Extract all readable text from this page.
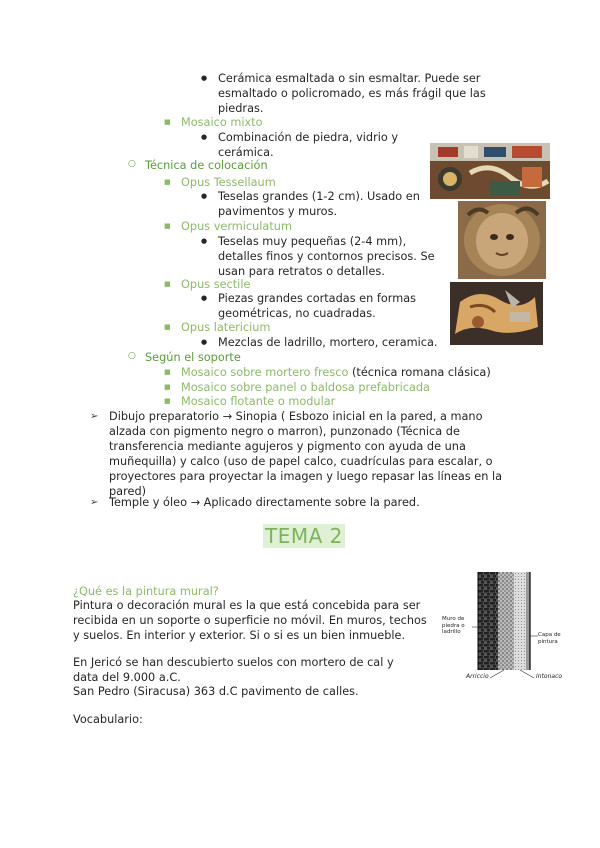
● Cerámica esmaltada o sin esmaltar. Puede ser esmaltado o policromado, es más frágil que las piedras.
■ Mosaico mixto
● Combinación de piedra, vidrio y cerámica.
○ Técnica de colocación
■ Opus Tessellaum
● Teselas grandes (1-2 cm). Usado en pavimentos y muros.
■ Opus vermiculatum
● Teselas muy pequeñas (2-4 mm), detalles finos y contornos precisos. Se usan para retratos o detalles.
■ Opus sectile
● Piezas grandes cortadas en formas geométricas, no cuadradas.
■ Opus latericium
● Mezclas de ladrillo, mortero, ceramica.
○ Según el soporte
■ Mosaico sobre mortero fresco (técnica romana clásica)
■ Mosaico sobre panel o baldosa prefabricada
■ Mosaico flotante o modular
➢ Dibujo preparatorio → Sinopia ( Esbozo inicial en la pared, a mano alzada con pigmento negro o marron), punzonado (Técnica de transferencia mediante agujeros y pigmento con ayuda de una muñequilla) y calco (uso de papel calco, cuadrículas para escalar, o proyectores para proyectar la imagen y luego repasar las líneas en la pared)
➢ Temple y óleo → Aplicado directamente sobre la pared.
TEMA 2
¿Qué es la pintura mural?
Pintura o decoración mural es la que está concebida para ser recibida en un soporte o superficie no móvil. En muros, techos y suelos. En interior y exterior. Si o si es un bien inmueble.
En Jericó se han descubierto suelos con mortero de cal y data del 9.000 a.C.
San Pedro (Siracusa) 363 d.C pavimento de calles.
Vocabulario:
Muro de piedra o ladrillo	Capa de pintura
Arriccio	Intonaco
